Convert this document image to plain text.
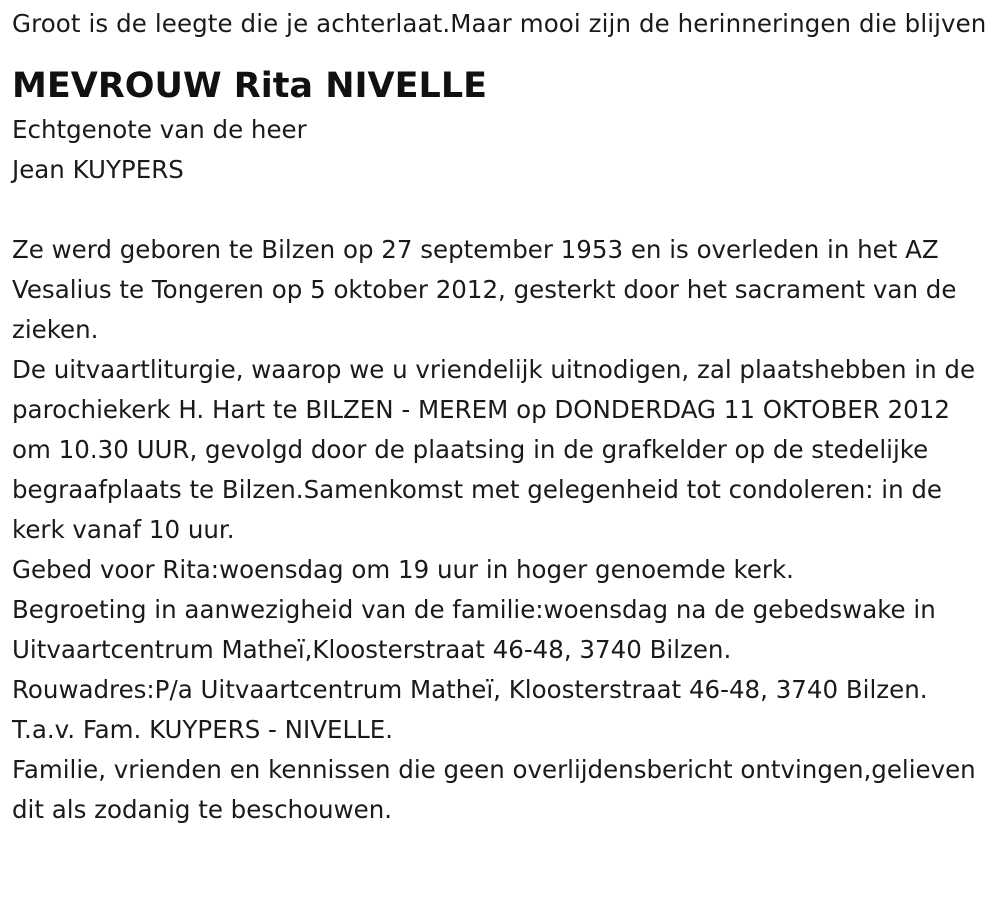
Groot is de leegte die je achterlaat.Maar mooi zijn de herinneringen die blijven

MEVROUW Rita NIVELLE

Echtgenote van de heer

Jean KUYPERS

Ze werd geboren te Bilzen op 27 september 1953 en is overleden in het AZ Vesalius te Tongeren op 5 oktober 2012, gesterkt door het sacrament van de zieken.

De uitvaartliturgie, waarop we u vriendelijk uitnodigen, zal plaatshebben in de parochiekerk H. Hart te BILZEN - MEREM op DONDERDAG 11 OKTOBER 2012 om 10.30 UUR, gevolgd door de plaatsing in de grafkelder op de stedelijke begraafplaats te Bilzen.Samenkomst met gelegenheid tot condoleren: in de kerk vanaf 10 uur.

Gebed voor Rita:woensdag om 19 uur in hoger genoemde kerk.

Begroeting in aanwezigheid van de familie:woensdag na de gebedswake in Uitvaartcentrum Matheï,Kloosterstraat 46-48, 3740 Bilzen.

Rouwadres:P/a Uitvaartcentrum Matheï, Kloosterstraat 46-48, 3740 Bilzen. T.a.v. Fam. KUYPERS - NIVELLE.

Familie, vrienden en kennissen die geen overlijdensbericht ontvingen,gelieven dit als zodanig te beschouwen.
